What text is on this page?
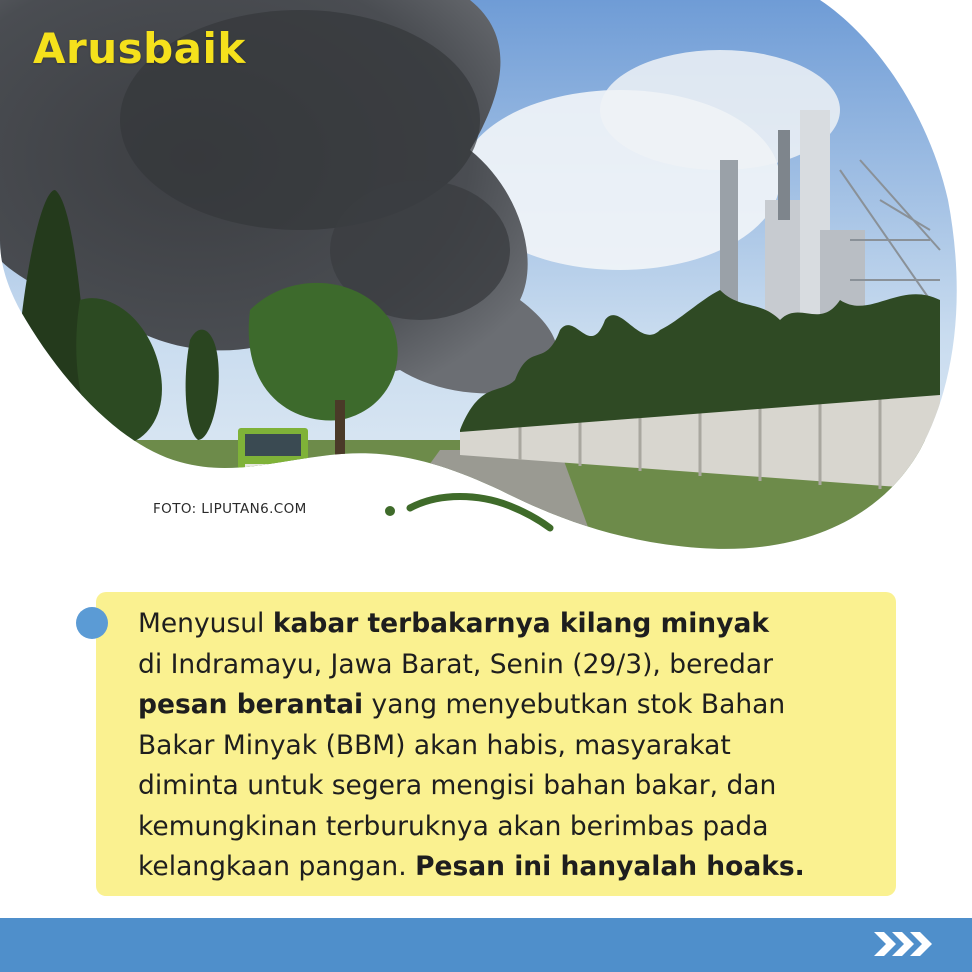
Arusbaik
FOTO: LIPUTAN6.COM
Menyusul kabar terbakarnya kilang minyak
di Indramayu, Jawa Barat, Senin (29/3), beredar
pesan berantai yang menyebutkan stok Bahan
Bakar Minyak (BBM) akan habis, masyarakat
diminta untuk segera mengisi bahan bakar, dan
kemungkinan terburuknya akan berimbas pada
kelangkaan pangan. Pesan ini hanyalah hoaks.
